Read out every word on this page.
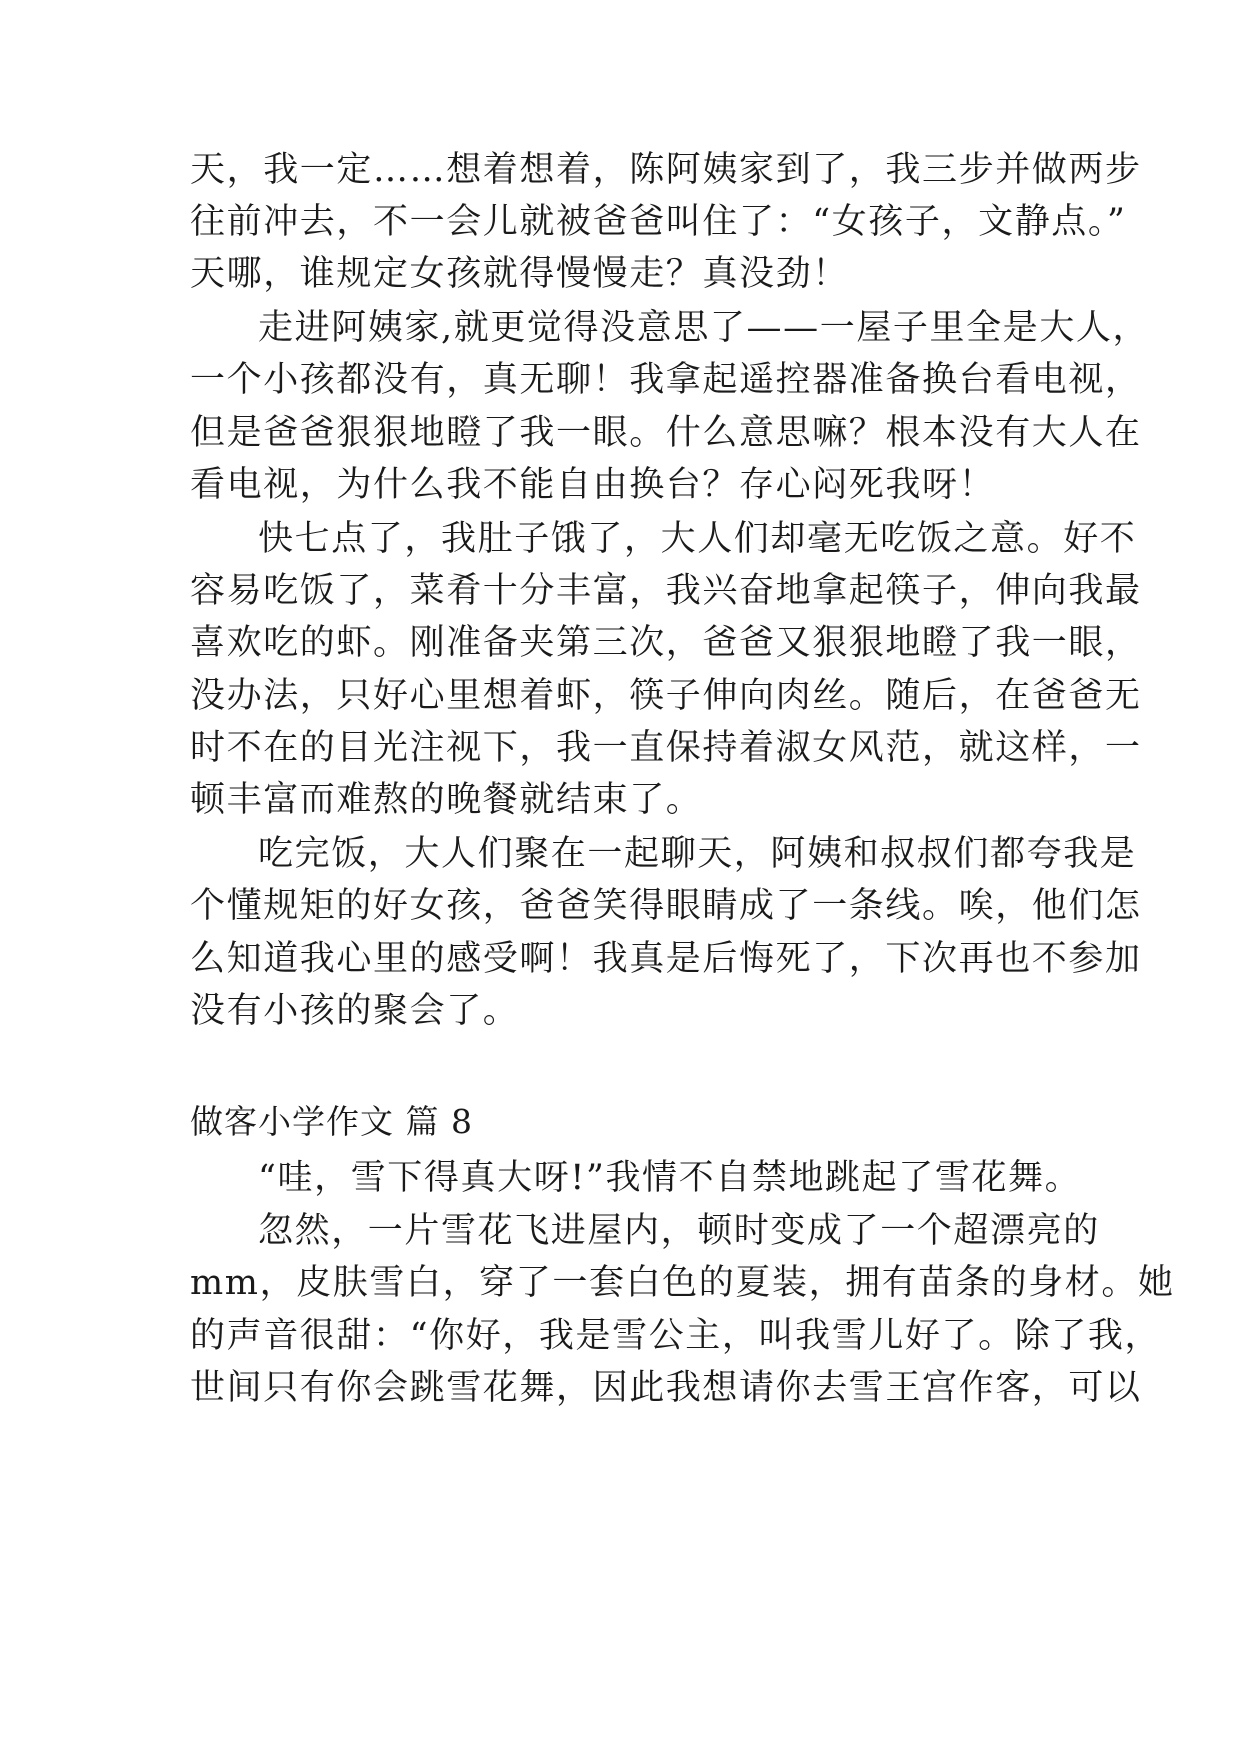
天，我一定……想着想着，陈阿姨家到了，我三步并做两步
往前冲去，不一会儿就被爸爸叫住了：“女孩子，文静点。”
天哪，谁规定女孩就得慢慢走？真没劲！
走进阿姨家,就更觉得没意思了——一屋子里全是大人，
一个小孩都没有，真无聊！我拿起遥控器准备换台看电视，
但是爸爸狠狠地瞪了我一眼。什么意思嘛？根本没有大人在
看电视，为什么我不能自由换台？存心闷死我呀！
快七点了，我肚子饿了，大人们却毫无吃饭之意。好不
容易吃饭了，菜肴十分丰富，我兴奋地拿起筷子，伸向我最
喜欢吃的虾。刚准备夹第三次，爸爸又狠狠地瞪了我一眼，
没办法，只好心里想着虾，筷子伸向肉丝。随后，在爸爸无
时不在的目光注视下，我一直保持着淑女风范，就这样，一
顿丰富而难熬的晚餐就结束了。
吃完饭，大人们聚在一起聊天，阿姨和叔叔们都夸我是
个懂规矩的好女孩，爸爸笑得眼睛成了一条线。唉，他们怎
么知道我心里的感受啊！我真是后悔死了，下次再也不参加
没有小孩的聚会了。
做客小学作文 篇 8
“哇，雪下得真大呀!”我情不自禁地跳起了雪花舞。
忽然，一片雪花飞进屋内，顿时变成了一个超漂亮的
mm，皮肤雪白，穿了一套白色的夏装，拥有苗条的身材。她
的声音很甜：“你好，我是雪公主，叫我雪儿好了。除了我，
世间只有你会跳雪花舞，因此我想请你去雪王宫作客，可以
